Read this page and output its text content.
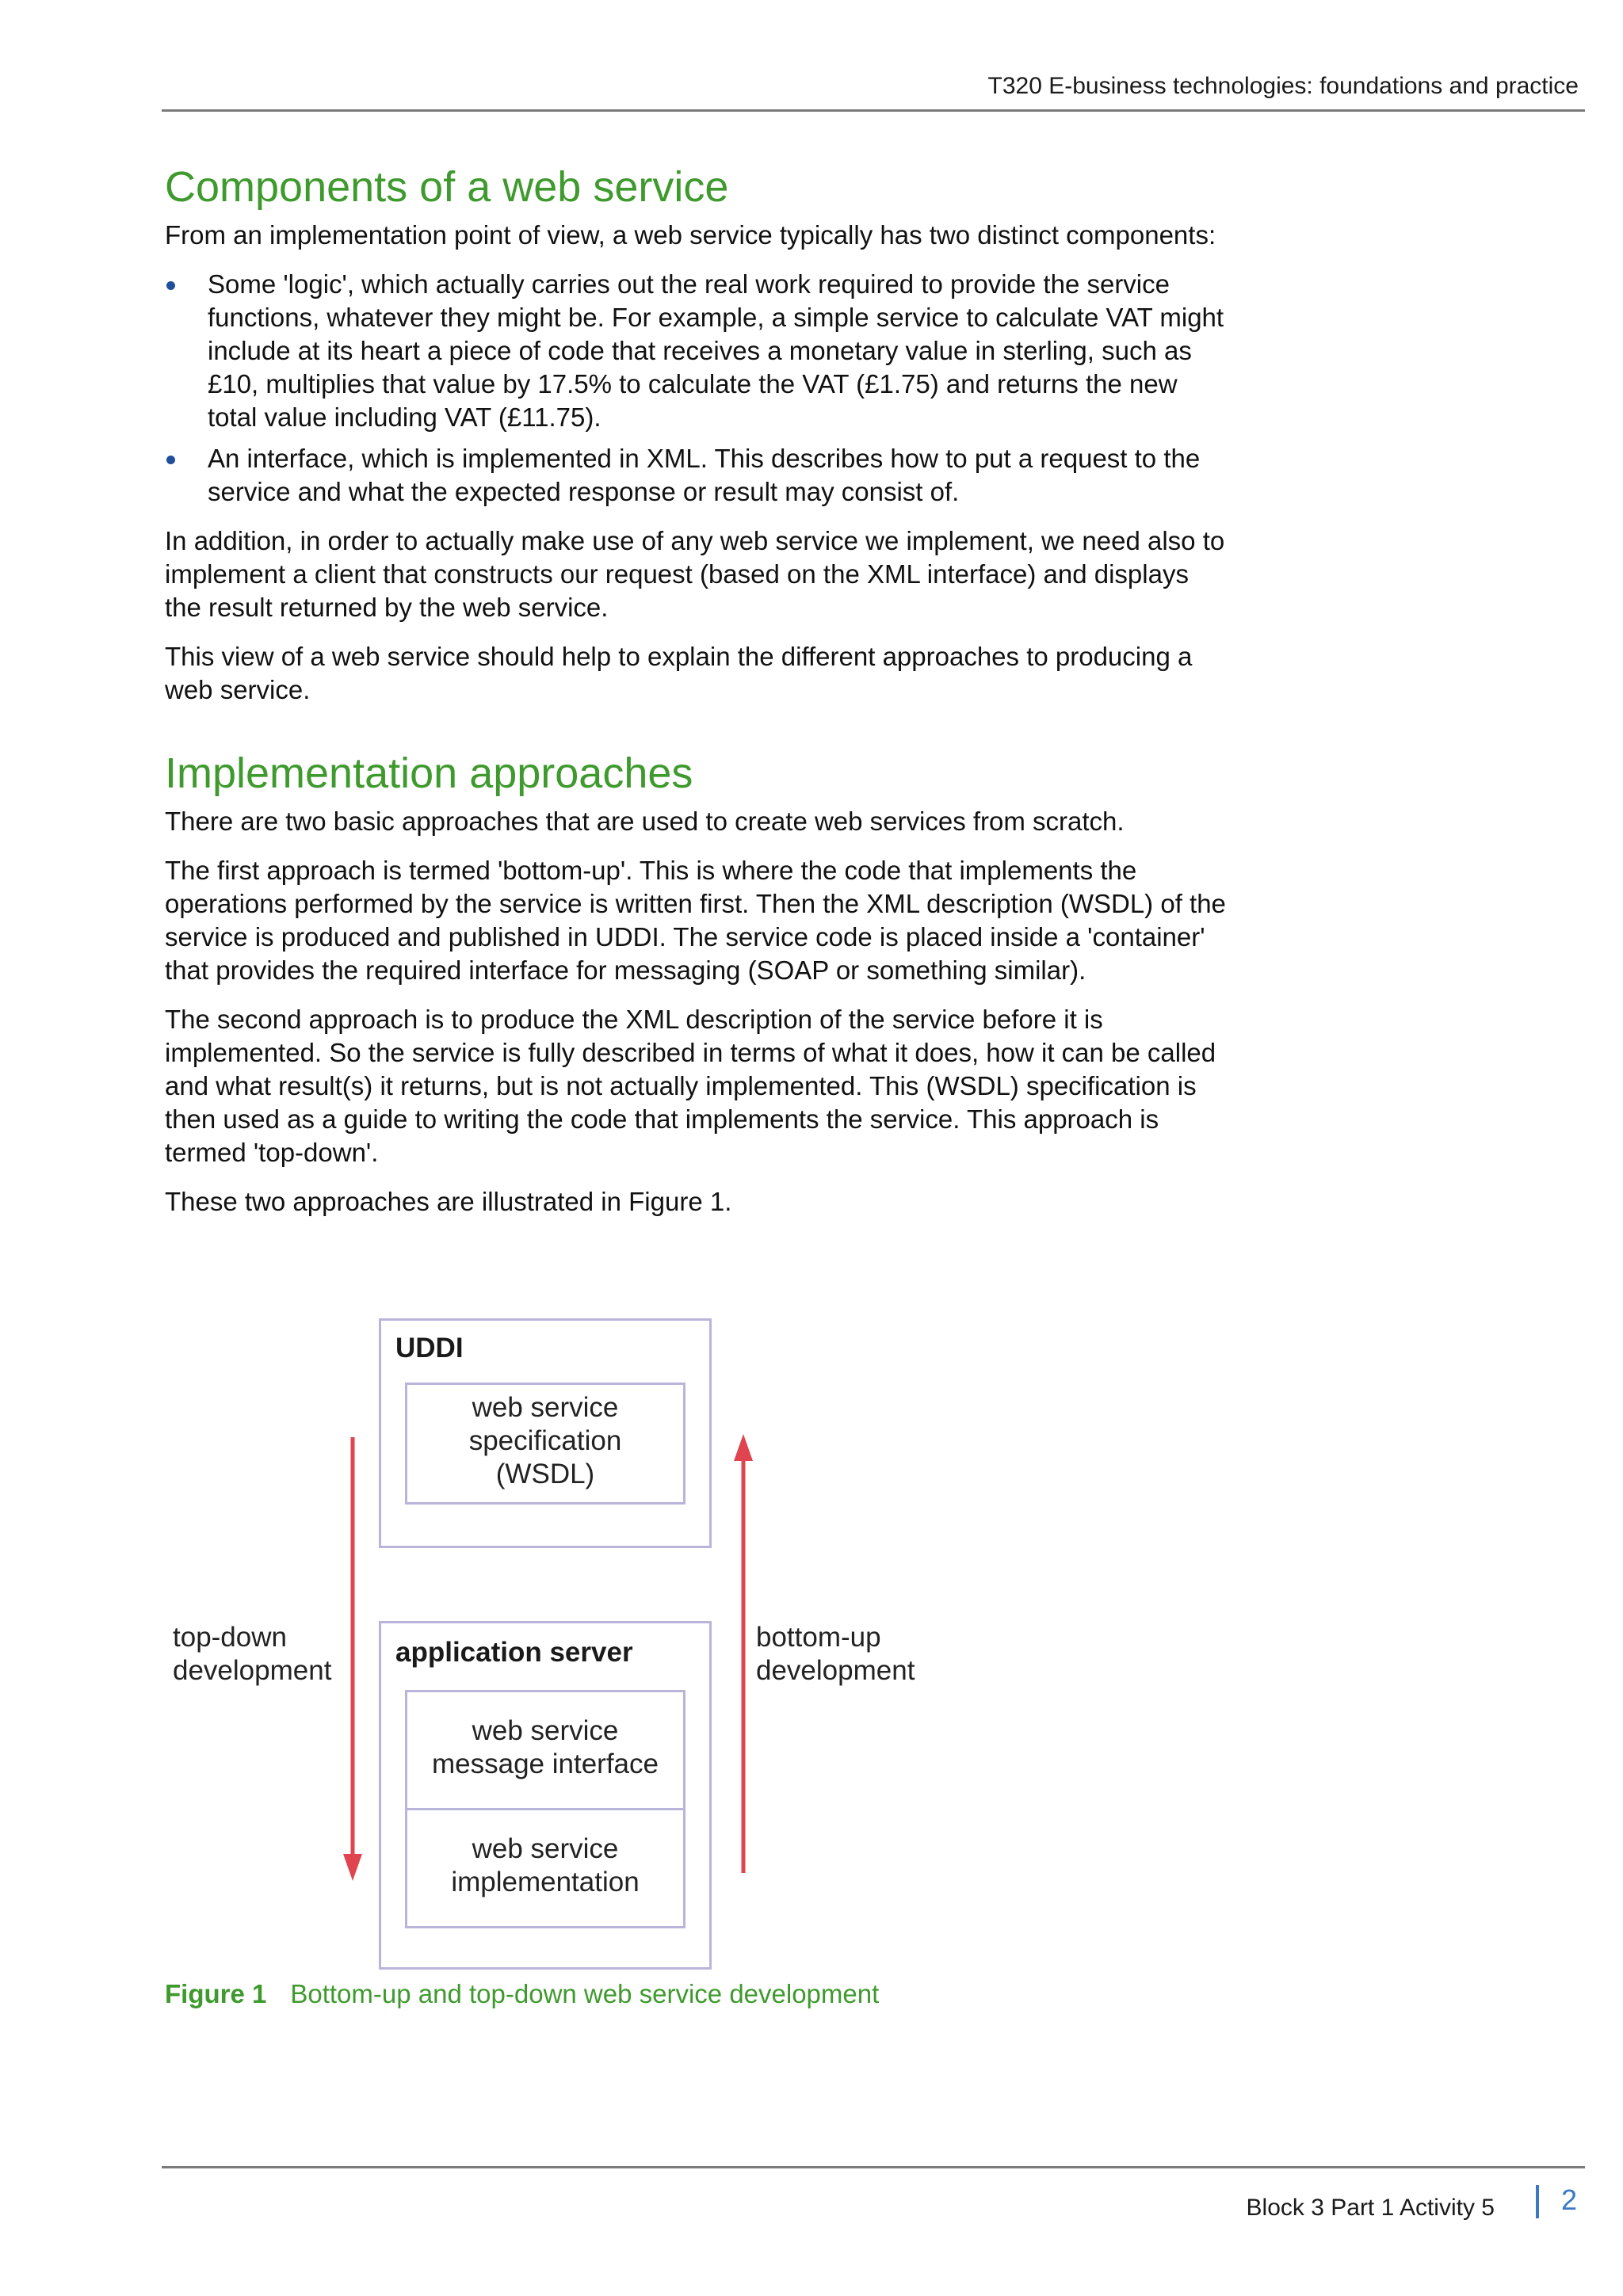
T320 E-business technologies: foundations and practice

Components of a web service

From an implementation point of view, a web service typically has two distinct components:

Some 'logic', which actually carries out the real work required to provide the service functions, whatever they might be. For example, a simple service to calculate VAT might include at its heart a piece of code that receives a monetary value in sterling, such as £10, multiplies that value by 17.5% to calculate the VAT (£1.75) and returns the new total value including VAT (£11.75).
An interface, which is implemented in XML. This describes how to put a request to the service and what the expected response or result may consist of.

In addition, in order to actually make use of any web service we implement, we need also to implement a client that constructs our request (based on the XML interface) and displays the result returned by the web service.

This view of a web service should help to explain the different approaches to producing a web service.

Implementation approaches

There are two basic approaches that are used to create web services from scratch.

The first approach is termed 'bottom-up'. This is where the code that implements the operations performed by the service is written first. Then the XML description (WSDL) of the service is produced and published in UDDI. The service code is placed inside a 'container' that provides the required interface for messaging (SOAP or something similar).

The second approach is to produce the XML description of the service before it is implemented. So the service is fully described in terms of what it does, how it can be called and what result(s) it returns, but is not actually implemented. This (WSDL) specification is then used as a guide to writing the code that implements the service. This approach is termed 'top-down'.

These two approaches are illustrated in Figure 1.

UDDI

web service
specification
(WSDL)

application server

web service
message interface
web service
implementation
top-down
development
bottom-up
development

Figure 1 Bottom-up and top-down web service development

Block 3 Part 1 Activity 5 2
